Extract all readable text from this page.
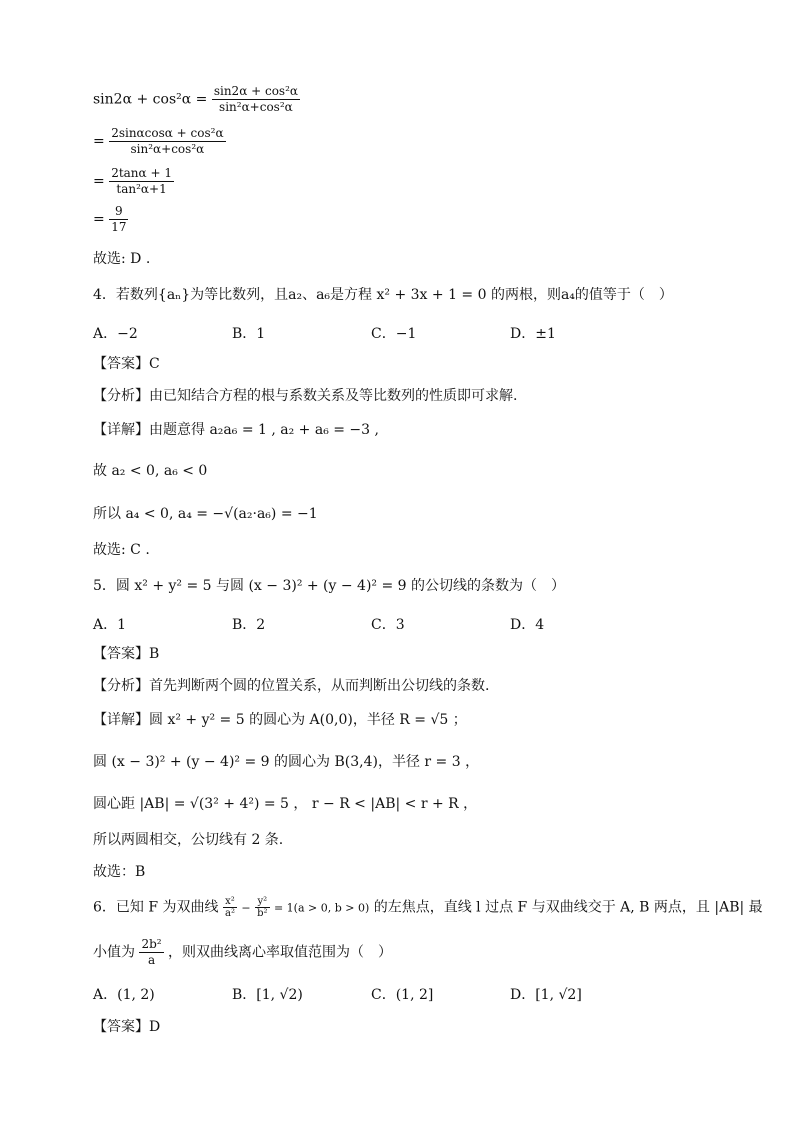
$\sin 2\alpha + \cos^2\alpha = \frac{\text{sin2α + cos²α}}{\text{sin²α+cos²α}}$
= $\frac{\text{2sinαcosα + cos²α}}{\text{sin²α+cos²α}}$
= $\frac{2\tan\alpha + 1}{\text{tan²α+1}}$
= $\frac{9}{17}$
故选: D .
4．若数列{aₙ}为等比数列，且a₂、a₆是方程 x² + 3x + 1 = 0 的两根，则a₄的值等于（　）
A．−2	B．1	C．−1	D．±1
【答案】C
【分析】由已知结合方程的根与系数关系及等比数列的性质即可求解.
【详解】由题意得 a₂a₆ = 1 , a₂ + a₆ = −3 ,
故 a₂ < 0, a₆ < 0
所以 a₄ < 0, a₄ = −√(a₂·a₆) = −1
故选: C .
5．圆 x² + y² = 5 与圆 (x − 3)² + (y − 4)² = 9 的公切线的条数为（　）
A．1	B．2	C．3	D．4
【答案】B
【分析】首先判断两个圆的位置关系，从而判断出公切线的条数.
【详解】圆 x² + y² = 5 的圆心为 A(0,0)，半径 R = √5 ；
圆 (x − 3)² + (y − 4)² = 9 的圆心为 B(3,4)，半径 r = 3 ，
圆心距 |AB| = √(3² + 4²) = 5 ， r − R < |AB| < r + R ，
所以两圆相交，公切线有 2 条.
故选：B
6．已知 F 为双曲线 $\frac{\text{x²}}{\text{a²}} - \frac{\text{y²}}{\text{b²}} = 1(a > 0$, b > 0) 的左焦点，直线 l 过点 F 与双曲线交于 A, B 两点，且 |AB| 最
小值为 $\frac{\text{2b²}}{a}$ ，则双曲线离心率取值范围为（　）
A．(1, 2)	B．[1, √2)	C．(1, 2]	D．[1, √2]
【答案】D
